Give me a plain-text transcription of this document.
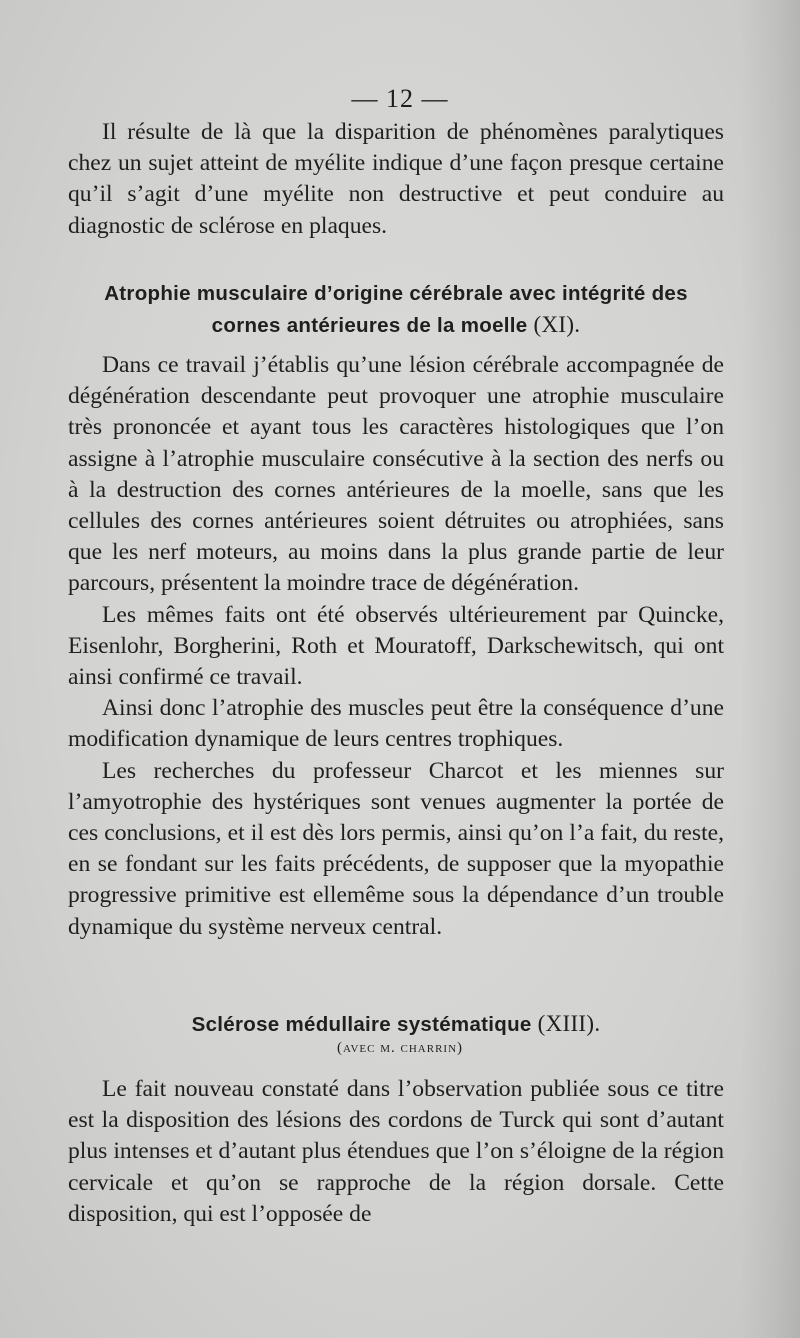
— 12 —

Il résulte de là que la disparition de phénomènes paralytiques chez un sujet atteint de myélite indique d’une façon presque certaine qu’il s’agit d’une myélite non destructive et peut conduire au diagnostic de sclérose en plaques.

Atrophie musculaire d’origine cérébrale avec intégrité des cornes antérieures de la moelle (XI).

Dans ce travail j’établis qu’une lésion cérébrale accompagnée de dégénération descendante peut provoquer une atrophie musculaire très prononcée et ayant tous les caractères histologiques que l’on assigne à l’atrophie musculaire consécutive à la section des nerfs ou à la destruction des cornes antérieures de la moelle, sans que les cellules des cornes antérieures soient détruites ou atrophiées, sans que les nerf moteurs, au moins dans la plus grande partie de leur parcours, présentent la moindre trace de dégénération.

Les mêmes faits ont été observés ultérieurement par Quincke, Eisenlohr, Borgherini, Roth et Mouratoff, Darkschewitsch, qui ont ainsi confirmé ce travail.

Ainsi donc l’atrophie des muscles peut être la conséquence d’une modification dynamique de leurs centres trophiques.

Les recherches du professeur Charcot et les miennes sur l’amyotrophie des hystériques sont venues augmenter la portée de ces conclusions, et il est dès lors permis, ainsi qu’on l’a fait, du reste, en se fondant sur les faits précédents, de supposer que la myopathie progressive primitive est ellemême sous la dépendance d’un trouble dynamique du système nerveux central.

Sclérose médullaire systématique (XIII).
(avec m. charrin)

Le fait nouveau constaté dans l’observation publiée sous ce titre est la disposition des lésions des cordons de Turck qui sont d’autant plus intenses et d’autant plus étendues que l’on s’éloigne de la région cervicale et qu’on se rapproche de la région dorsale. Cette disposition, qui est l’opposée de
